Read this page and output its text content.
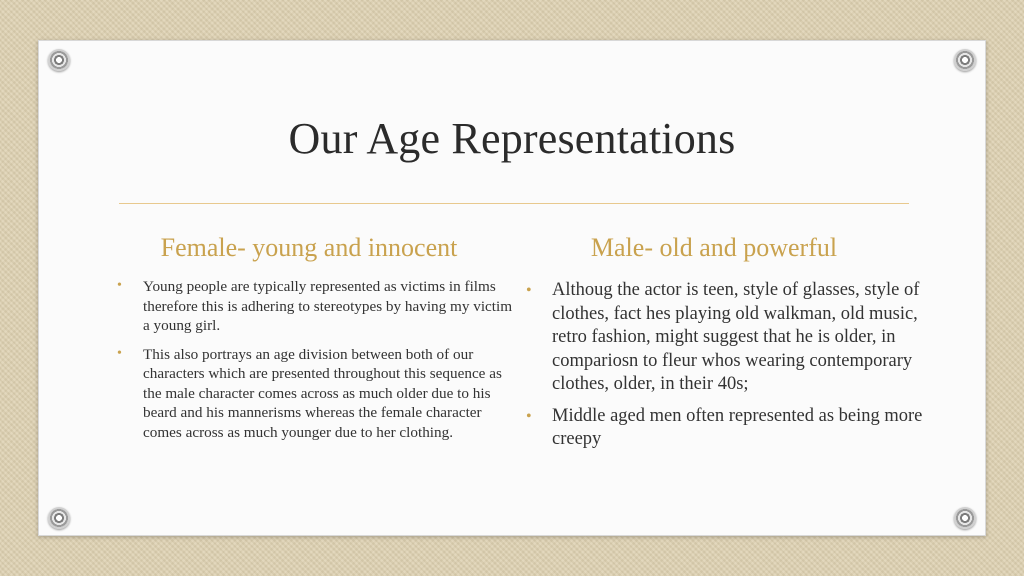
Our Age Representations
Female- young and innocent	Male- old and powerful
• Young people are typically represented as victims in films therefore this is adhering to stereotypes by having my victim a young girl.
• This also portrays an age division between both of our characters which are presented throughout this sequence as the male character comes across as much older due to his beard and his mannerisms whereas the female character comes across as much younger due to her clothing.
• Althoug the actor is teen, style of glasses, style of clothes, fact hes playing old walkman, old music, retro fashion, might suggest that he is older, in compariosn to fleur whos wearing contemporary clothes, older, in their 40s;
• Middle aged men often represented as being more creepy
